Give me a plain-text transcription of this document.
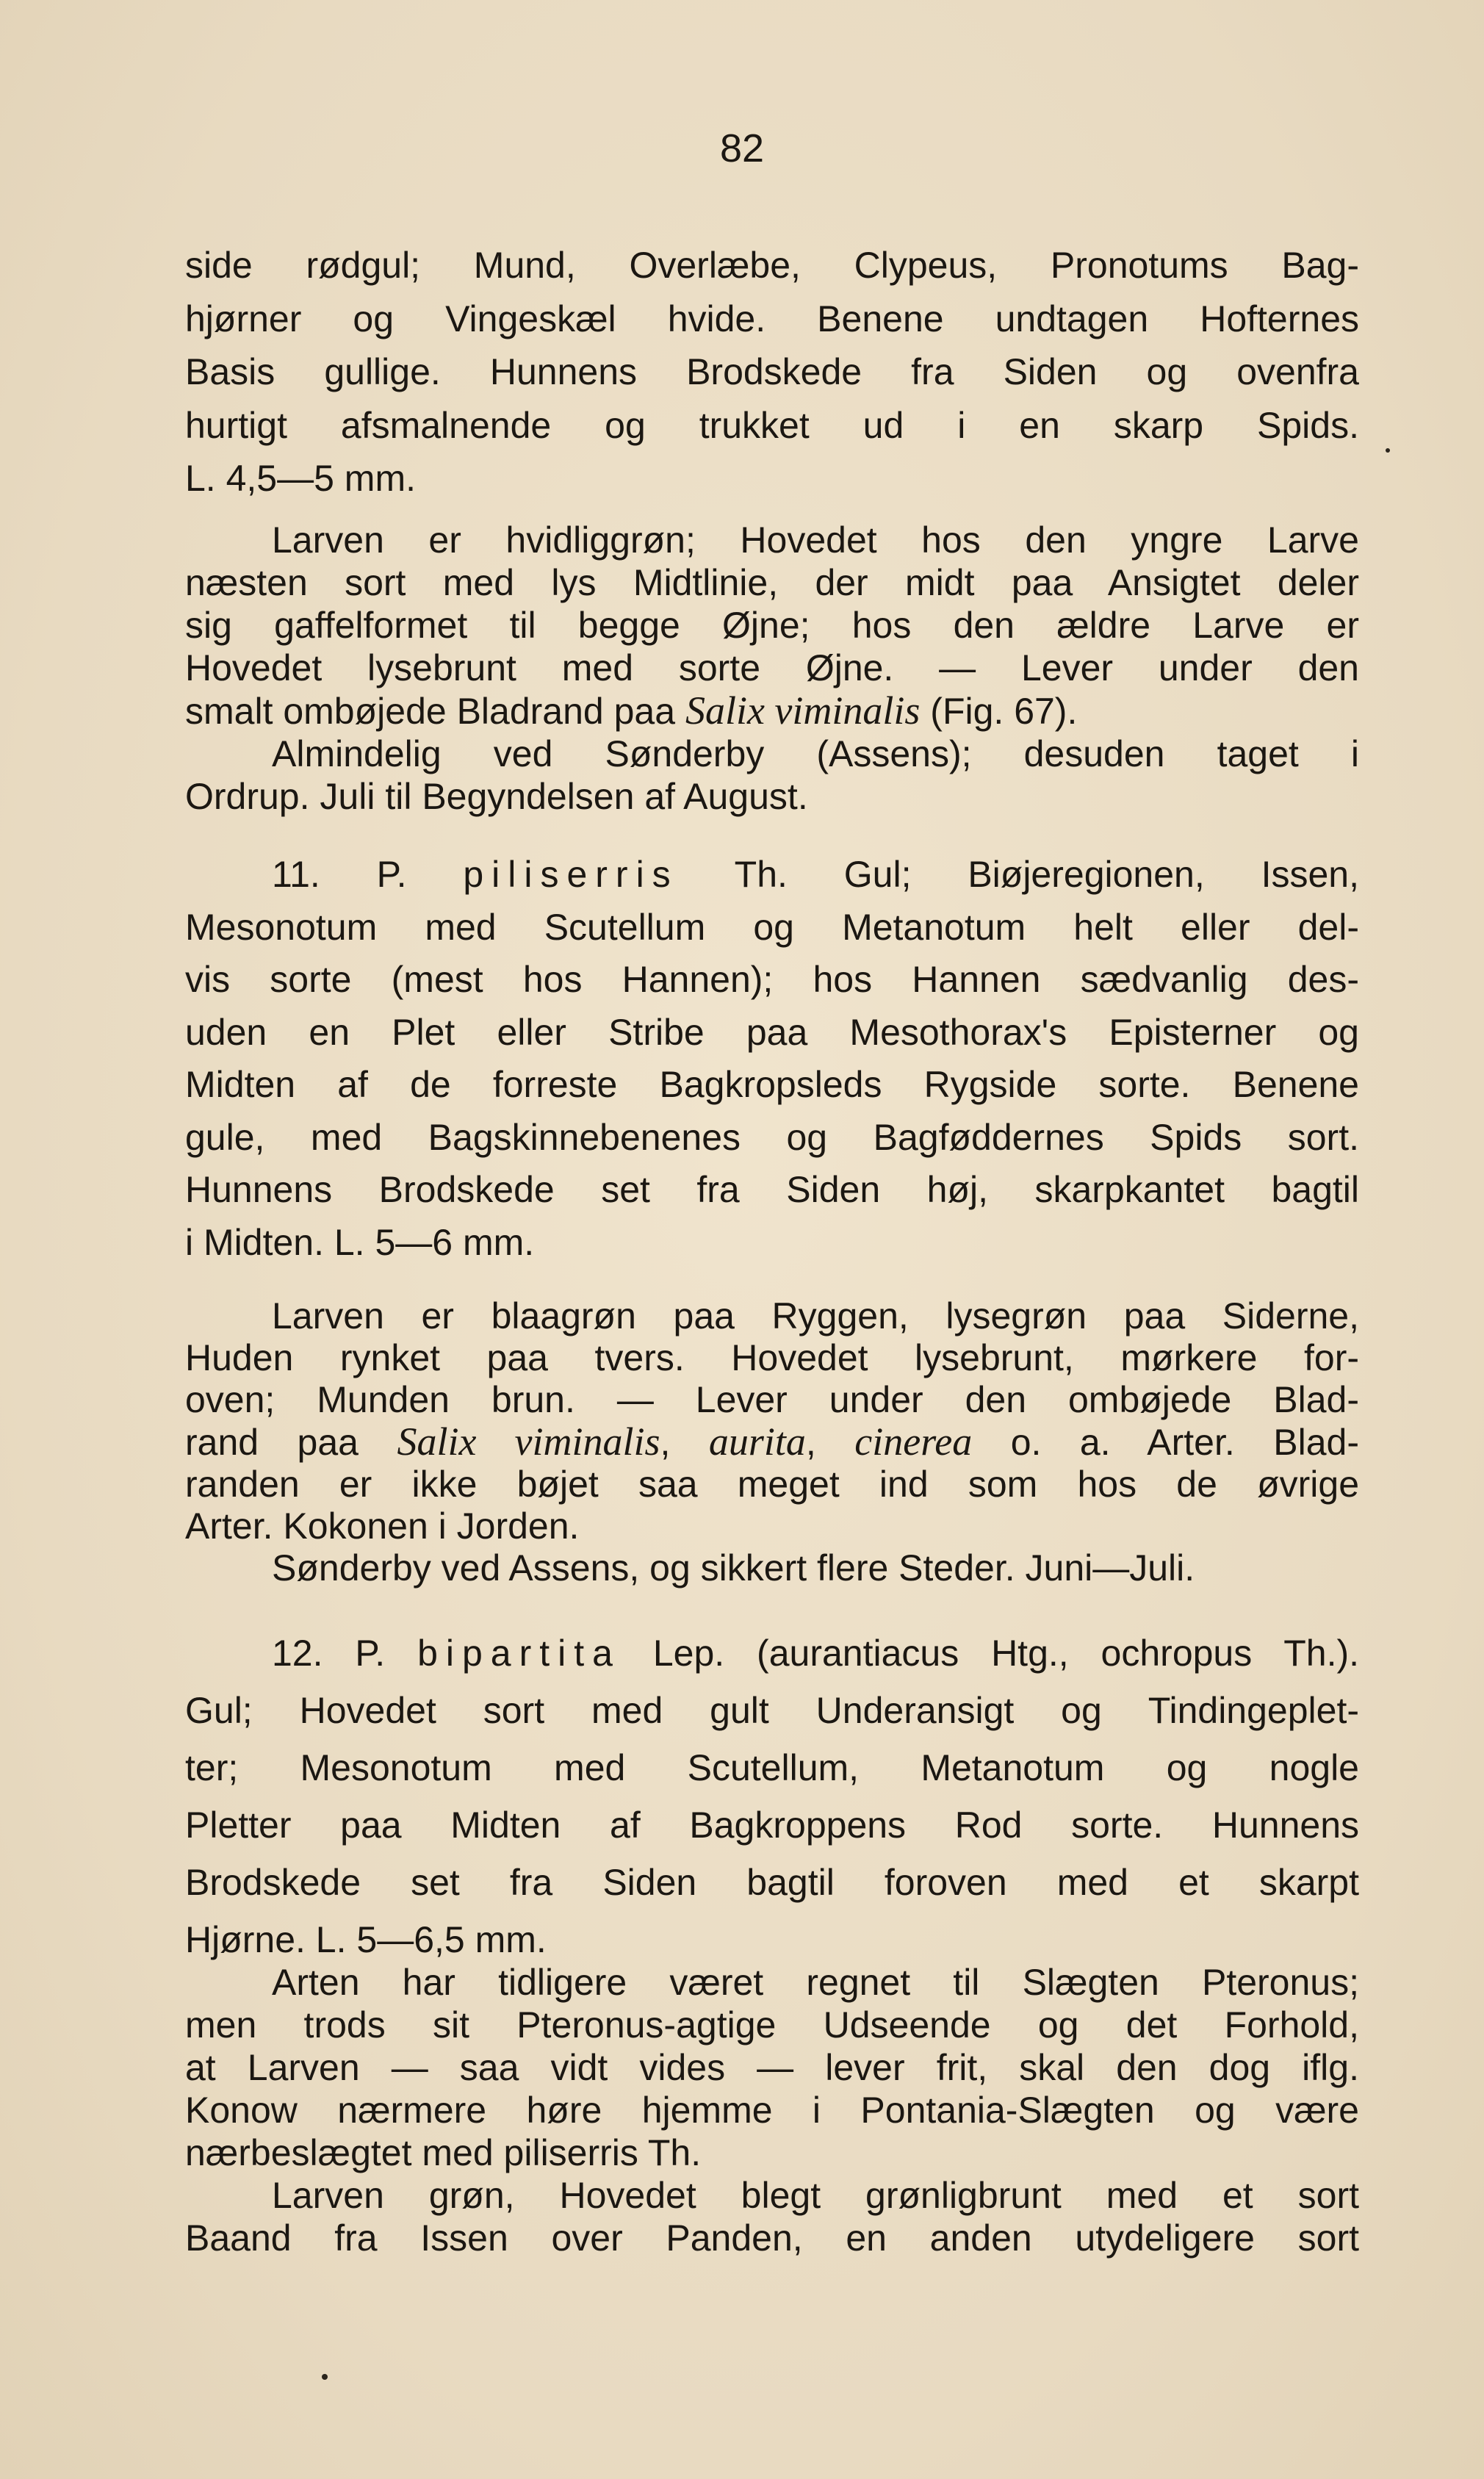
82
side rødgul; Mund, Overlæbe, Clypeus, Pronotums Bag-
hjørner og Vingeskæl hvide. Benene undtagen Hofternes
Basis gullige. Hunnens Brodskede fra Siden og ovenfra
hurtigt afsmalnende og trukket ud i en skarp Spids.
L. 4,5—5 mm.
Larven er hvidliggrøn; Hovedet hos den yngre Larve
næsten sort med lys Midtlinie, der midt paa Ansigtet deler
sig gaffelformet til begge Øjne; hos den ældre Larve er
Hovedet lysebrunt med sorte Øjne. — Lever under den
smalt ombøjede Bladrand paa Salix viminalis (Fig. 67).
Almindelig ved Sønderby (Assens); desuden taget i
Ordrup. Juli til Begyndelsen af August.
11. P. piliserris Th. Gul; Biøjeregionen, Issen,
Mesonotum med Scutellum og Metanotum helt eller del-
vis sorte (mest hos Hannen); hos Hannen sædvanlig des-
uden en Plet eller Stribe paa Mesothorax's Episterner og
Midten af de forreste Bagkropsleds Rygside sorte. Benene
gule, med Bagskinnebenenes og Bagføddernes Spids sort.
Hunnens Brodskede set fra Siden høj, skarpkantet bagtil
i Midten. L. 5—6 mm.
Larven er blaagrøn paa Ryggen, lysegrøn paa Siderne,
Huden rynket paa tvers. Hovedet lysebrunt, mørkere for-
oven; Munden brun. — Lever under den ombøjede Blad-
rand paa Salix viminalis, aurita, cinerea o. a. Arter. Blad-
randen er ikke bøjet saa meget ind som hos de øvrige
Arter. Kokonen i Jorden.
Sønderby ved Assens, og sikkert flere Steder. Juni—Juli.
12. P. bipartita Lep. (aurantiacus Htg., ochropus Th.).
Gul; Hovedet sort med gult Underansigt og Tindingeplet-
ter; Mesonotum med Scutellum, Metanotum og nogle
Pletter paa Midten af Bagkroppens Rod sorte. Hunnens
Brodskede set fra Siden bagtil foroven med et skarpt
Hjørne. L. 5—6,5 mm.
Arten har tidligere været regnet til Slægten Pteronus;
men trods sit Pteronus-agtige Udseende og det Forhold,
at Larven — saa vidt vides — lever frit, skal den dog iflg.
Konow nærmere høre hjemme i Pontania-Slægten og være
nærbeslægtet med piliserris Th.
Larven grøn, Hovedet blegt grønligbrunt med et sort
Baand fra Issen over Panden, en anden utydeligere sort
